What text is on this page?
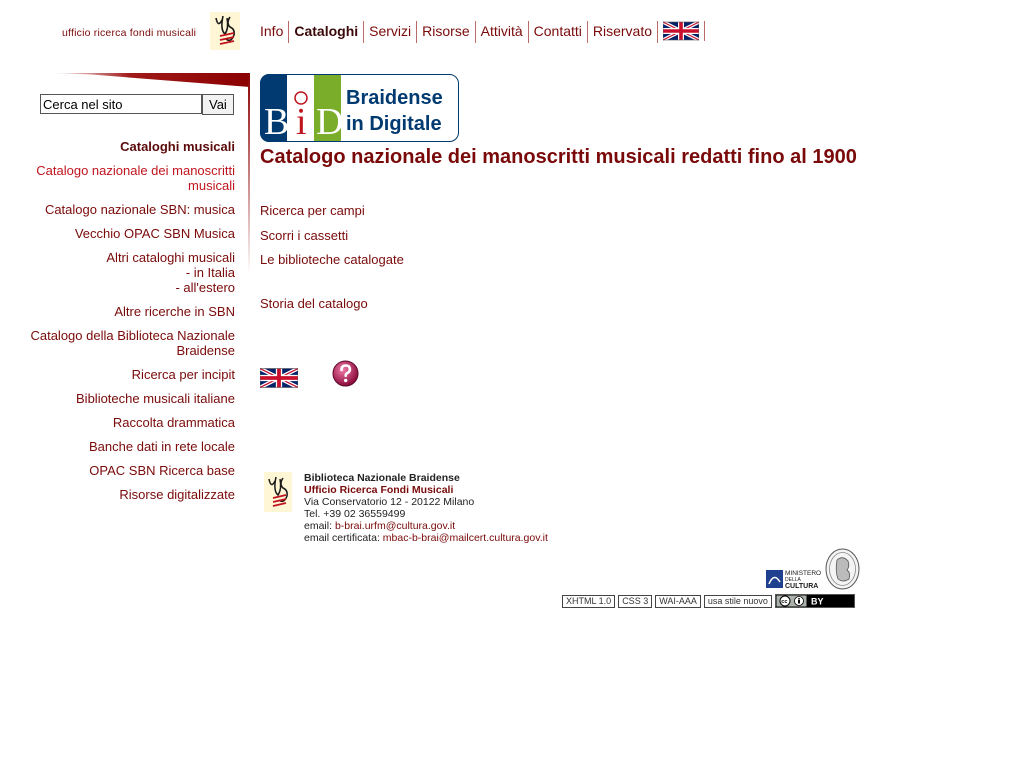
ufficio ricerca fondi musicali	Info Cataloghi Servizi Risorse Attività Contatti Riservato
Cerca nel sito
Vai
Cataloghi musicali
Catalogo nazionale dei manoscritti musicali
Catalogo nazionale SBN: musica
Vecchio OPAC SBN Musica
Altri cataloghi musicali
- in Italia
- all'estero
Altre ricerche in SBN
Catalogo della Biblioteca Nazionale Braidense
Ricerca per incipit
Biblioteche musicali italiane
Raccolta drammatica
Banche dati in rete locale
OPAC SBN Ricerca base
Risorse digitalizzate
B i D
Braidense
in Digitale
Catalogo nazionale dei manoscritti musicali redatti fino al 1900
Ricerca per campi
Scorri i cassetti
Le biblioteche catalogate
Storia del catalogo
Biblioteca Nazionale Braidense
Ufficio Ricerca Fondi Musicali
Via Conservatorio 12 - 20122 Milano
Tel. +39 02 36559499
email: b-brai.urfm@cultura.gov.it
email certificata: mbac-b-brai@mailcert.cultura.gov.it
MINISTERO
DELLA
CULTURA
XHTML 1.0	CSS 3	WAI-AAA	usa stile nuovo	cc	BY
